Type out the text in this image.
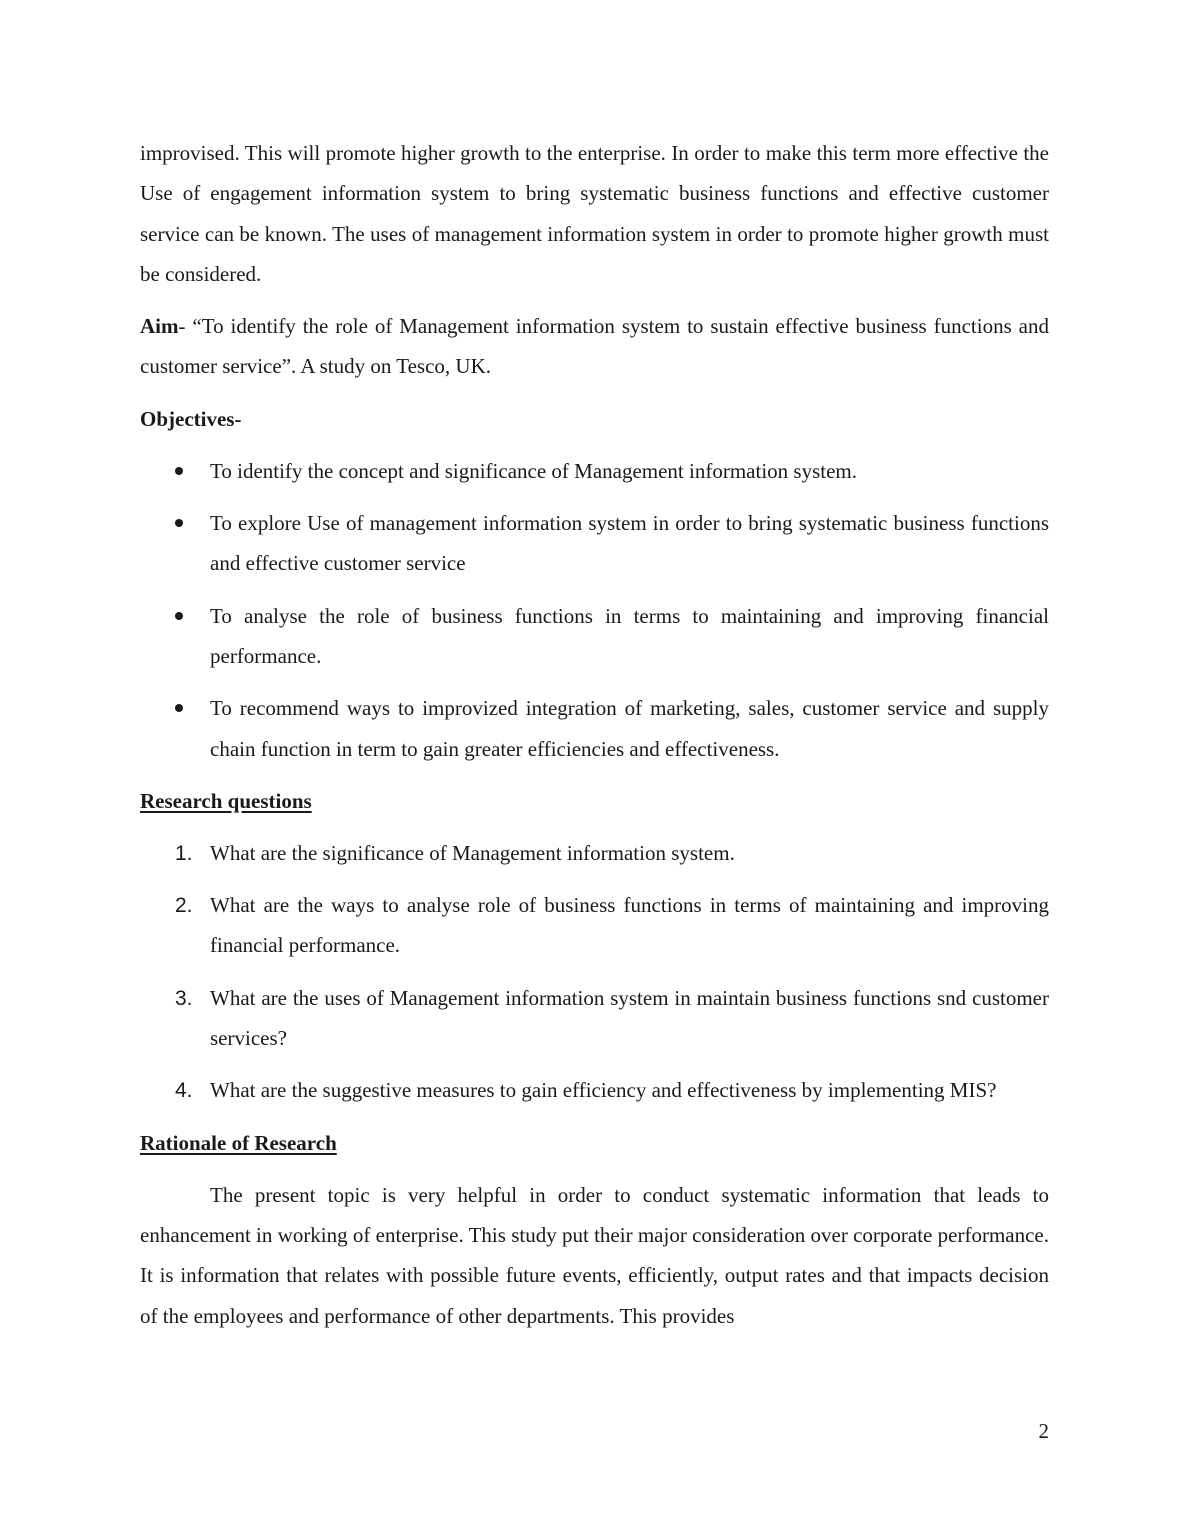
improvised. This will promote higher growth to the enterprise. In order to make this term more effective the Use of engagement information system to bring systematic business functions and effective customer service can be known. The uses of management information system in order to promote higher growth must be considered.

Aim- “To identify the role of Management information system to sustain effective business functions and customer service”. A study on Tesco, UK.

Objectives-
To identify the concept and significance of Management information system.
To explore Use of management information system in order to bring systematic business functions and effective customer service
To analyse the role of business functions in terms to maintaining and improving financial performance.
To recommend ways to improvized integration of marketing, sales, customer service and supply chain function in term to gain greater efficiencies and effectiveness.
Research questions
1. What are the significance of Management information system.
2. What are the ways to analyse role of business functions in terms of maintaining and improving financial performance.
3. What are the uses of Management information system in maintain business functions snd customer services?
4. What are the suggestive measures to gain efficiency and effectiveness by implementing MIS?
Rationale of Research

The present topic is very helpful in order to conduct systematic information that leads to enhancement in working of enterprise. This study put their major consideration over corporate performance. It is information that relates with possible future events, efficiently, output rates and that impacts decision of the employees and performance of other departments. This provides

2
